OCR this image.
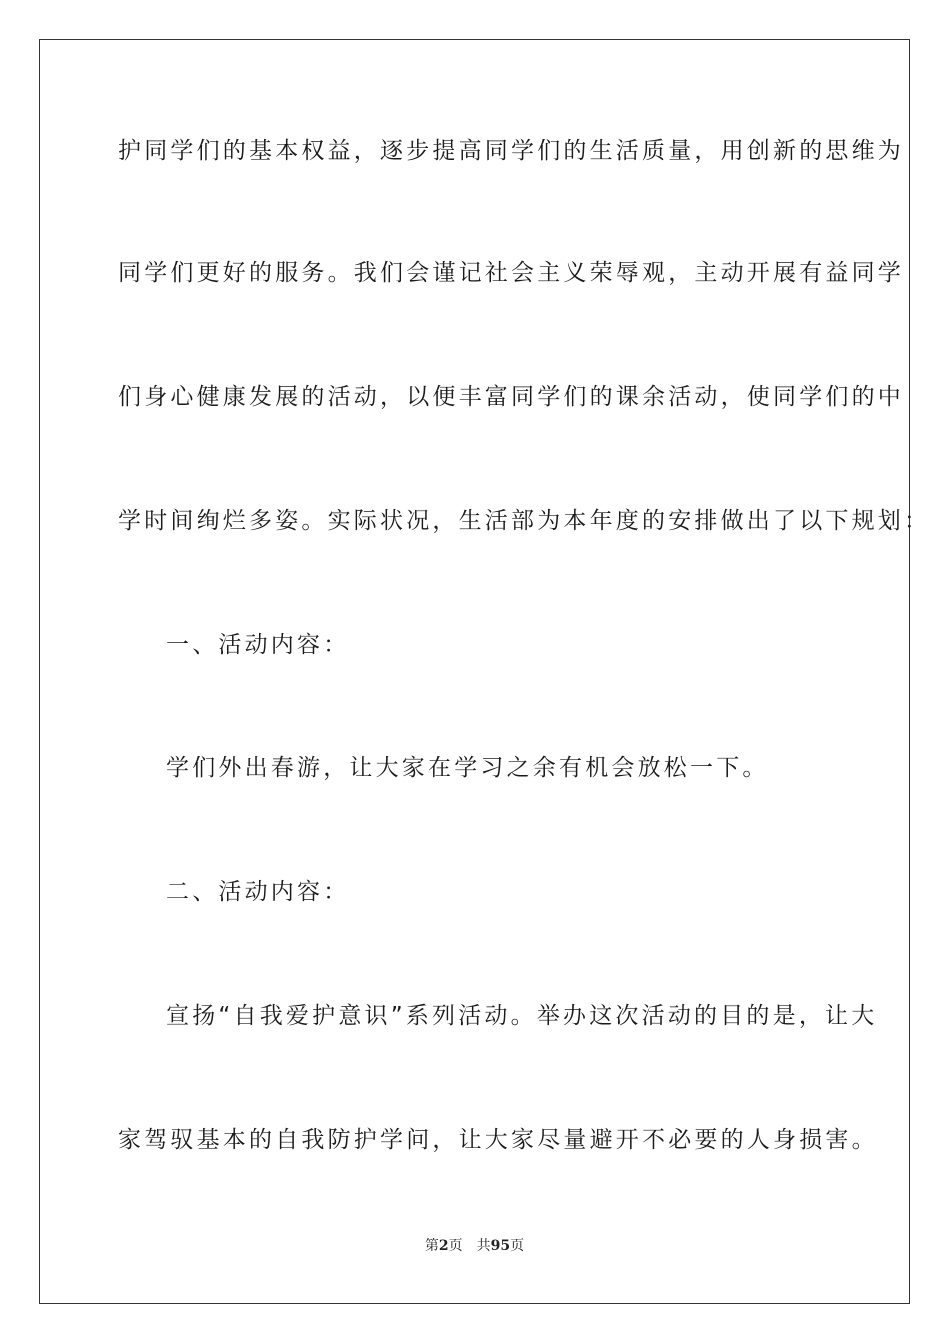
护同学们的基本权益，逐步提高同学们的生活质量，用创新的思维为
同学们更好的服务。我们会谨记社会主义荣辱观，主动开展有益同学
们身心健康发展的活动，以便丰富同学们的课余活动，使同学们的中
学时间绚烂多姿。实际状况，生活部为本年度的安排做出了以下规划：
一、活动内容：
学们外出春游，让大家在学习之余有机会放松一下。
二、活动内容：
宣扬“自我爱护意识”系列活动。举办这次活动的目的是，让大
家驾驭基本的自我防护学问，让大家尽量避开不必要的人身损害。
第2页 共95页
